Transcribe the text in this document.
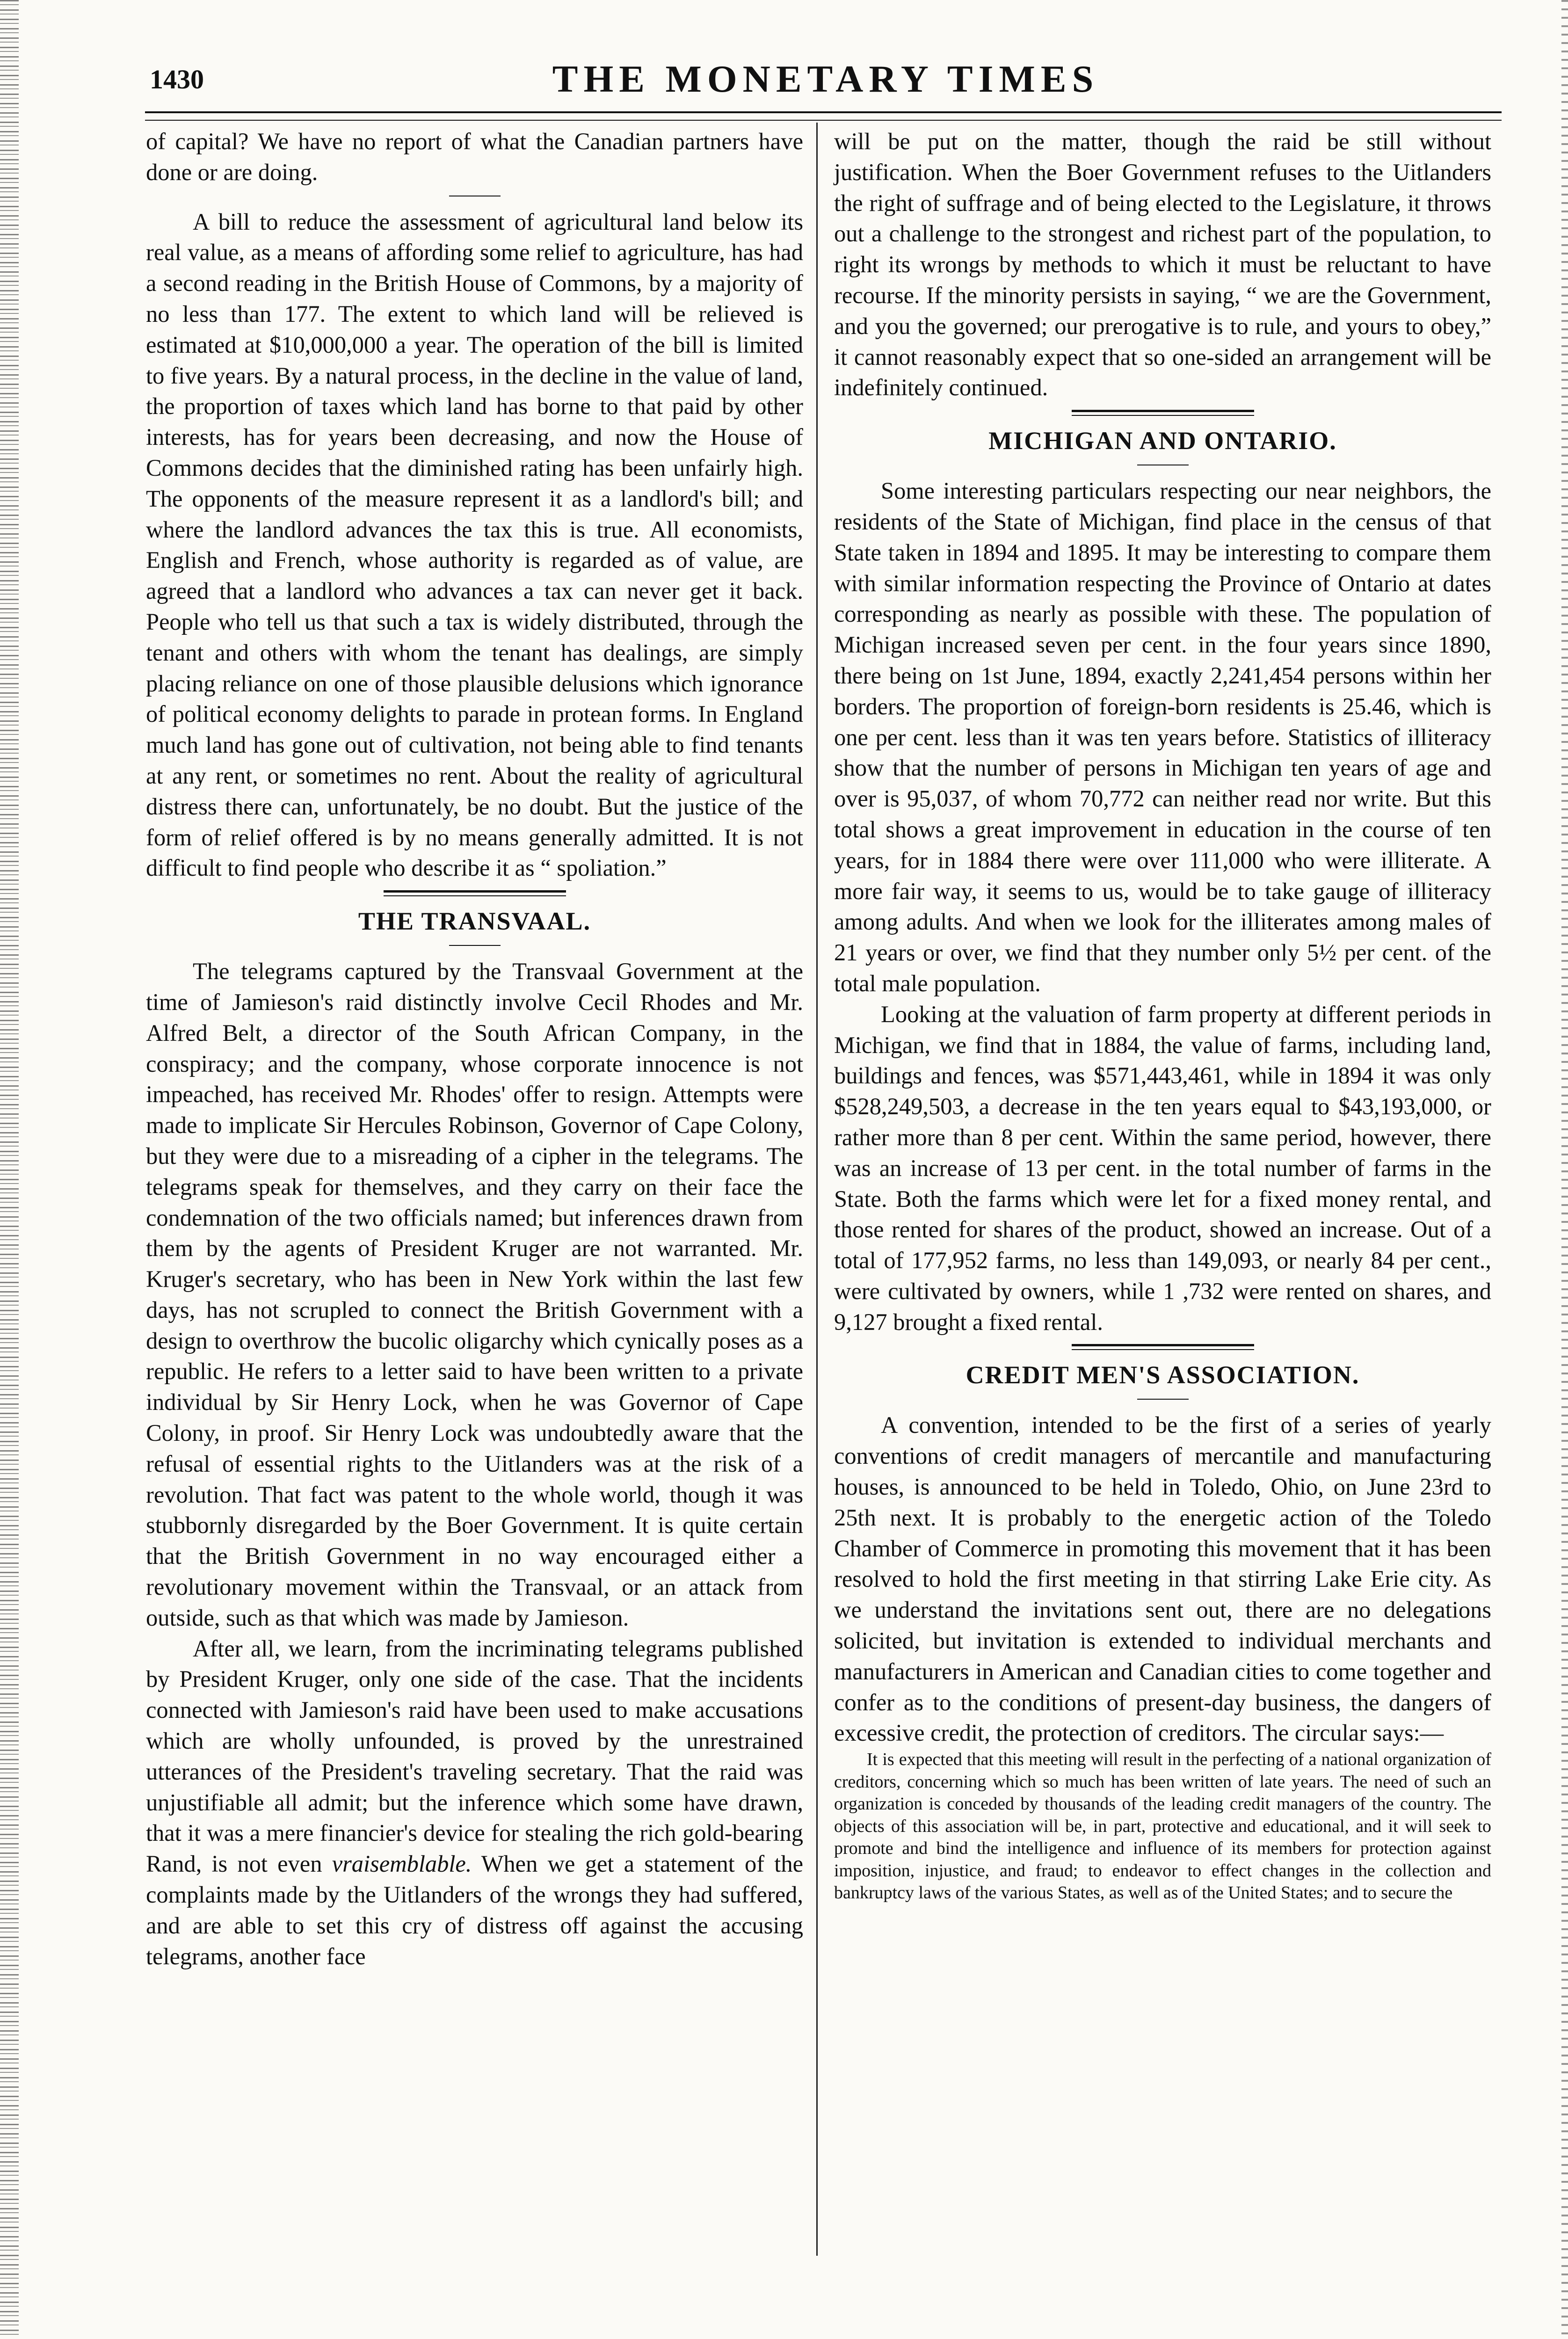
1430	THE MONETARY TIMES

of capital? We have no report of what the Canadian partners have done or are doing.

A bill to reduce the assessment of agricultural land below its real value, as a means of affording some relief to agriculture, has had a second reading in the British House of Commons, by a majority of no less than 177. The extent to which land will be relieved is estimated at $10,000,000 a year. The operation of the bill is limited to five years. By a natural process, in the decline in the value of land, the proportion of taxes which land has borne to that paid by other interests, has for years been decreasing, and now the House of Commons decides that the diminished rating has been unfairly high. The opponents of the measure represent it as a landlord's bill; and where the landlord advances the tax this is true. All economists, English and French, whose authority is regarded as of value, are agreed that a landlord who advances a tax can never get it back. People who tell us that such a tax is widely distributed, through the tenant and others with whom the tenant has dealings, are simply placing reliance on one of those plausible delusions which ignorance of political economy delights to parade in protean forms. In England much land has gone out of cultivation, not being able to find tenants at any rent, or sometimes no rent. About the reality of agricultural distress there can, unfortunately, be no doubt. But the justice of the form of relief offered is by no means generally admitted. It is not difficult to find people who describe it as “ spoliation.”

THE TRANSVAAL.

The telegrams captured by the Transvaal Government at the time of Jamieson's raid distinctly involve Cecil Rhodes and Mr. Alfred Belt, a director of the South African Company, in the conspiracy; and the company, whose corporate innocence is not impeached, has received Mr. Rhodes' offer to resign. Attempts were made to implicate Sir Hercules Robinson, Governor of Cape Colony, but they were due to a misreading of a cipher in the telegrams. The telegrams speak for themselves, and they carry on their face the condemnation of the two officials named; but inferences drawn from them by the agents of President Kruger are not warranted. Mr. Kruger's secretary, who has been in New York within the last few days, has not scrupled to connect the British Government with a design to overthrow the bucolic oligarchy which cynically poses as a republic. He refers to a letter said to have been written to a private individual by Sir Henry Lock, when he was Governor of Cape Colony, in proof. Sir Henry Lock was undoubtedly aware that the refusal of essential rights to the Uitlanders was at the risk of a revolution. That fact was patent to the whole world, though it was stubbornly disregarded by the Boer Government. It is quite certain that the British Government in no way encouraged either a revolutionary movement within the Transvaal, or an attack from outside, such as that which was made by Jamieson.

After all, we learn, from the incriminating telegrams published by President Kruger, only one side of the case. That the incidents connected with Jamieson's raid have been used to make accusations which are wholly unfounded, is proved by the unrestrained utterances of the President's traveling secretary. That the raid was unjustifiable all admit; but the inference which some have drawn, that it was a mere financier's device for stealing the rich gold-bearing Rand, is not even vraisemblable. When we get a statement of the complaints made by the Uitlanders of the wrongs they had suffered, and are able to set this cry of distress off against the accusing telegrams, another face

will be put on the matter, though the raid be still without justification. When the Boer Government refuses to the Uitlanders the right of suffrage and of being elected to the Legislature, it throws out a challenge to the strongest and richest part of the population, to right its wrongs by methods to which it must be reluctant to have recourse. If the minority persists in saying, “ we are the Government, and you the governed; our prerogative is to rule, and yours to obey,” it cannot reasonably expect that so one-sided an arrangement will be indefinitely continued.

MICHIGAN AND ONTARIO.

Some interesting particulars respecting our near neighbors, the residents of the State of Michigan, find place in the census of that State taken in 1894 and 1895. It may be interesting to compare them with similar information respecting the Province of Ontario at dates corresponding as nearly as possible with these. The population of Michigan increased seven per cent. in the four years since 1890, there being on 1st June, 1894, exactly 2,241,454 persons within her borders. The proportion of foreign-born residents is 25.46, which is one per cent. less than it was ten years before. Statistics of illiteracy show that the number of persons in Michigan ten years of age and over is 95,037, of whom 70,772 can neither read nor write. But this total shows a great improvement in education in the course of ten years, for in 1884 there were over 111,000 who were illiterate. A more fair way, it seems to us, would be to take gauge of illiteracy among adults. And when we look for the illiterates among males of 21 years or over, we find that they number only 5½ per cent. of the total male population.

Looking at the valuation of farm property at different periods in Michigan, we find that in 1884, the value of farms, including land, buildings and fences, was $571,443,461, while in 1894 it was only $528,249,503, a decrease in the ten years equal to $43,193,000, or rather more than 8 per cent. Within the same period, however, there was an increase of 13 per cent. in the total number of farms in the State. Both the farms which were let for a fixed money rental, and those rented for shares of the product, showed an increase. Out of a total of 177,952 farms, no less than 149,093, or nearly 84 per cent., were cultivated by owners, while 1 ,732 were rented on shares, and 9,127 brought a fixed rental.

CREDIT MEN'S ASSOCIATION.

A convention, intended to be the first of a series of yearly conventions of credit managers of mercantile and manufacturing houses, is announced to be held in Toledo, Ohio, on June 23rd to 25th next. It is probably to the energetic action of the Toledo Chamber of Commerce in promoting this movement that it has been resolved to hold the first meeting in that stirring Lake Erie city. As we understand the invitations sent out, there are no delegations solicited, but invitation is extended to individual merchants and manufacturers in American and Canadian cities to come together and confer as to the conditions of present-day business, the dangers of excessive credit, the protection of creditors. The circular says:—

It is expected that this meeting will result in the perfecting of a national organization of creditors, concerning which so much has been written of late years. The need of such an organization is conceded by thousands of the leading credit managers of the country. The objects of this association will be, in part, protective and educational, and it will seek to promote and bind the intelligence and influence of its members for protection against imposition, injustice, and fraud; to endeavor to effect changes in the collection and bankruptcy laws of the various States, as well as of the United States; and to secure the
